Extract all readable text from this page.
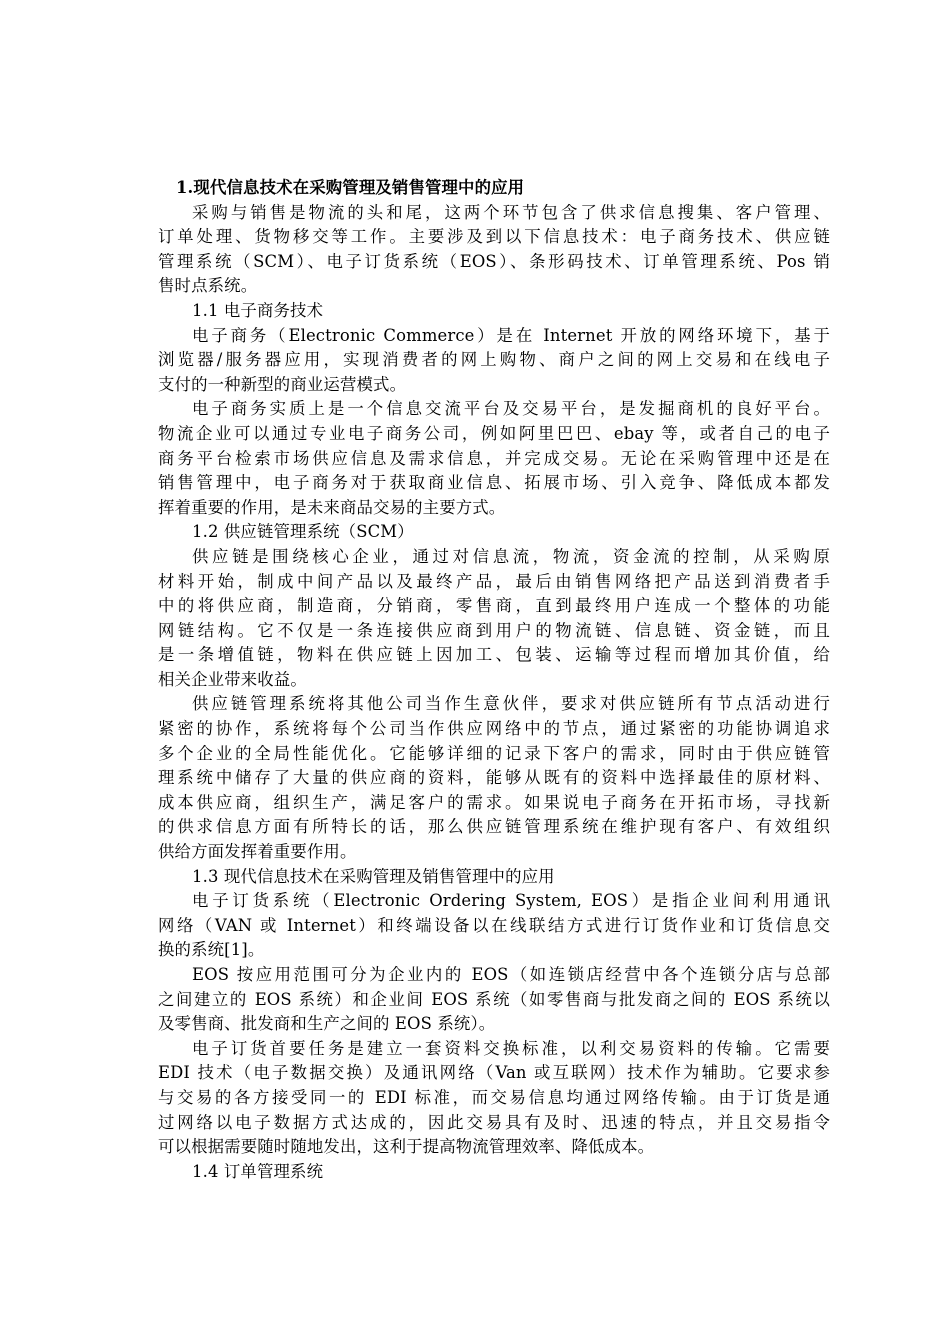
1.现代信息技术在采购管理及销售管理中的应用
采购与销售是物流的头和尾，这两个环节包含了供求信息搜集、客户管理、
订单处理、货物移交等工作。主要涉及到以下信息技术：电子商务技术、供应链
管理系统（SCM）、电子订货系统（EOS）、条形码技术、订单管理系统、Pos 销
售时点系统。
1.1 电子商务技术
电子商务（Electronic Commerce）是在 Internet 开放的网络环境下，基于
浏览器/服务器应用，实现消费者的网上购物、商户之间的网上交易和在线电子
支付的一种新型的商业运营模式。
电子商务实质上是一个信息交流平台及交易平台，是发掘商机的良好平台。
物流企业可以通过专业电子商务公司，例如阿里巴巴、ebay 等，或者自己的电子
商务平台检索市场供应信息及需求信息，并完成交易。无论在采购管理中还是在
销售管理中，电子商务对于获取商业信息、拓展市场、引入竞争、降低成本都发
挥着重要的作用，是未来商品交易的主要方式。
1.2 供应链管理系统（SCM）
供应链是围绕核心企业，通过对信息流，物流，资金流的控制，从采购原
材料开始，制成中间产品以及最终产品，最后由销售网络把产品送到消费者手
中的将供应商，制造商，分销商，零售商，直到最终用户连成一个整体的功能
网链结构。它不仅是一条连接供应商到用户的物流链、信息链、资金链，而且
是一条增值链，物料在供应链上因加工、包装、运输等过程而增加其价值，给
相关企业带来收益。
供应链管理系统将其他公司当作生意伙伴，要求对供应链所有节点活动进行
紧密的协作，系统将每个公司当作供应网络中的节点，通过紧密的功能协调追求
多个企业的全局性能优化。它能够详细的记录下客户的需求，同时由于供应链管
理系统中储存了大量的供应商的资料，能够从既有的资料中选择最佳的原材料、
成本供应商，组织生产，满足客户的需求。如果说电子商务在开拓市场，寻找新
的供求信息方面有所特长的话，那么供应链管理系统在维护现有客户、有效组织
供给方面发挥着重要作用。
1.3 现代信息技术在采购管理及销售管理中的应用
电子订货系统（Electronic Ordering System, EOS）是指企业间利用通讯
网络（VAN 或 Internet）和终端设备以在线联结方式进行订货作业和订货信息交
换的系统[1]。
EOS 按应用范围可分为企业内的 EOS（如连锁店经营中各个连锁分店与总部
之间建立的 EOS 系统）和企业间 EOS 系统（如零售商与批发商之间的 EOS 系统以
及零售商、批发商和生产之间的 EOS 系统）。
电子订货首要任务是建立一套资料交换标准，以利交易资料的传输。它需要
EDI 技术（电子数据交换）及通讯网络（Van 或互联网）技术作为辅助。它要求参
与交易的各方接受同一的 EDI 标准，而交易信息均通过网络传输。由于订货是通
过网络以电子数据方式达成的，因此交易具有及时、迅速的特点，并且交易指令
可以根据需要随时随地发出，这利于提高物流管理效率、降低成本。
1.4 订单管理系统
